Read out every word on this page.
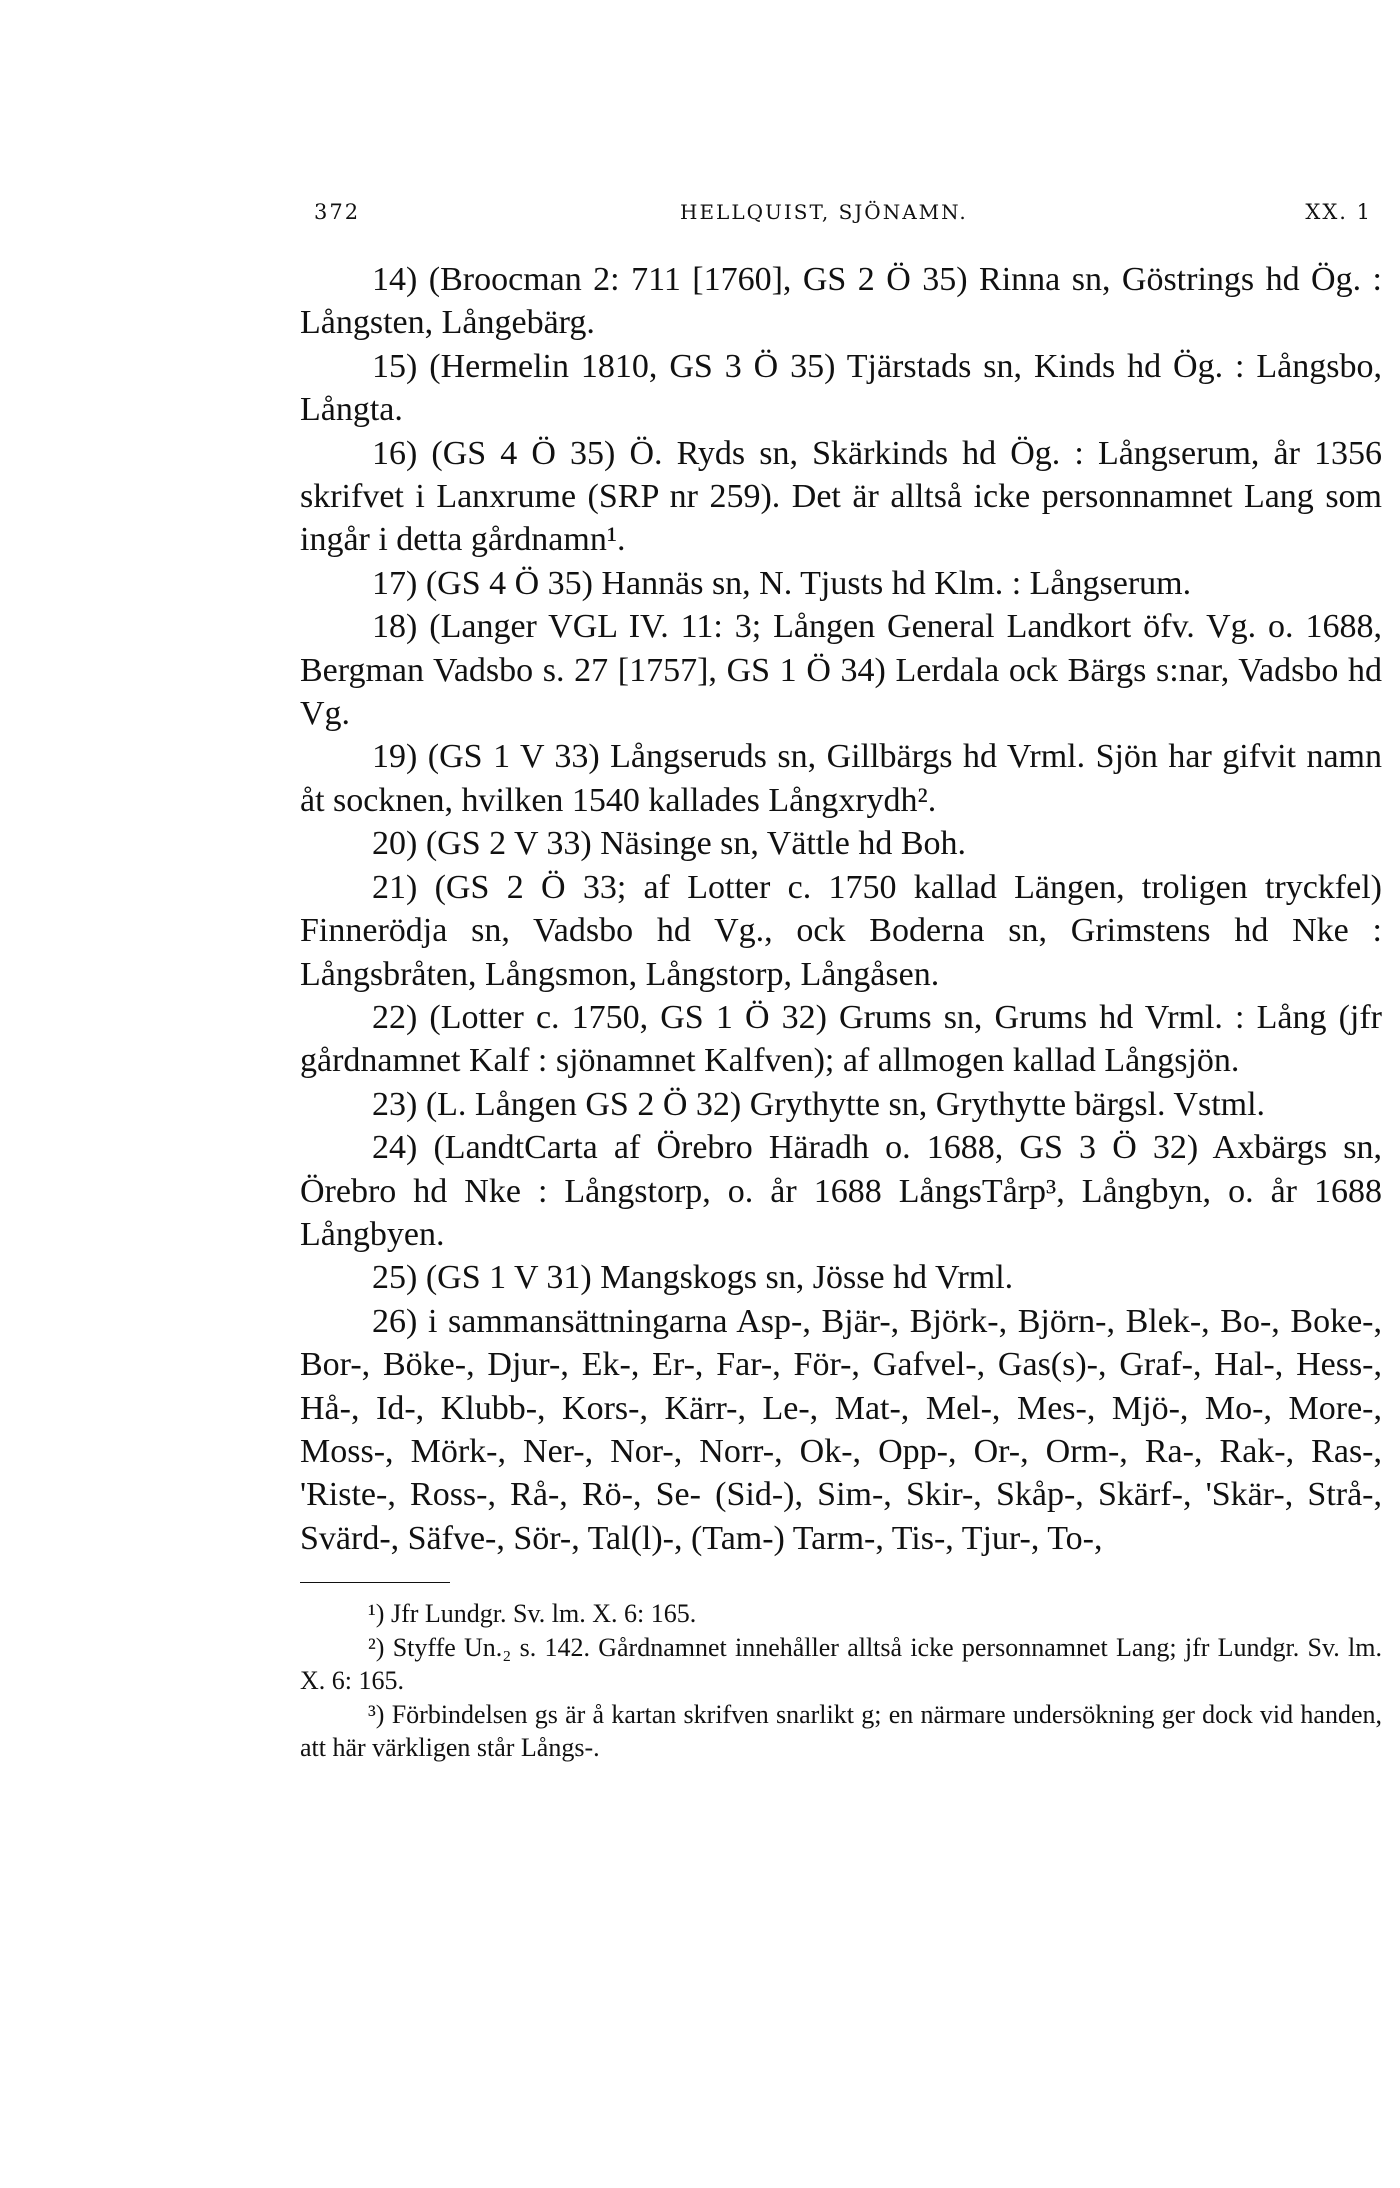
372	HELLQUIST, SJÖNAMN.	XX. 1

14) (Broocman 2: 711 [1760], GS 2 Ö 35) Rinna sn, Göstrings hd Ög. : Långsten, Långebärg.

15) (Hermelin 1810, GS 3 Ö 35) Tjärstads sn, Kinds hd Ög. : Långsbo, Långta.

16) (GS 4 Ö 35) Ö. Ryds sn, Skärkinds hd Ög. : Långserum, år 1356 skrifvet i Lanxrume (SRP nr 259). Det är alltså icke personnamnet Lang som ingår i detta gårdnamn¹.

17) (GS 4 Ö 35) Hannäs sn, N. Tjusts hd Klm. : Långserum.

18) (Langer VGL IV. 11: 3; Lången General Landkort öfv. Vg. o. 1688, Bergman Vadsbo s. 27 [1757], GS 1 Ö 34) Lerdala ock Bärgs s:nar, Vadsbo hd Vg.

19) (GS 1 V 33) Långseruds sn, Gillbärgs hd Vrml. Sjön har gifvit namn åt socknen, hvilken 1540 kallades Långxrydh².

20) (GS 2 V 33) Näsinge sn, Vättle hd Boh.

21) (GS 2 Ö 33; af Lotter c. 1750 kallad Längen, troligen tryckfel) Finnerödja sn, Vadsbo hd Vg., ock Boderna sn, Grimstens hd Nke : Långsbråten, Långsmon, Långstorp, Långåsen.

22) (Lotter c. 1750, GS 1 Ö 32) Grums sn, Grums hd Vrml. : Lång (jfr gårdnamnet Kalf : sjönamnet Kalfven); af allmogen kallad Långsjön.

23) (L. Lången GS 2 Ö 32) Grythytte sn, Grythytte bärgsl. Vstml.

24) (LandtCarta af Örebro Häradh o. 1688, GS 3 Ö 32) Axbärgs sn, Örebro hd Nke : Långstorp, o. år 1688 LångsTårp³, Långbyn, o. år 1688 Långbyen.

25) (GS 1 V 31) Mangskogs sn, Jösse hd Vrml.

26) i sammansättningarna Asp-, Bjär-, Björk-, Björn-, Blek-, Bo-, Boke-, Bor-, Böke-, Djur-, Ek-, Er-, Far-, För-, Gafvel-, Gas(s)-, Graf-, Hal-, Hess-, Hå-, Id-, Klubb-, Kors-, Kärr-, Le-, Mat-, Mel-, Mes-, Mjö-, Mo-, More-, Moss-, Mörk-, Ner-, Nor-, Norr-, Ok-, Opp-, Or-, Orm-, Ra-, Rak-, Ras-, 'Riste-, Ross-, Rå-, Rö-, Se- (Sid-), Sim-, Skir-, Skåp-, Skärf-, 'Skär-, Strå-, Svärd-, Säfve-, Sör-, Tal(l)-, (Tam-) Tarm-, Tis-, Tjur-, To-,

¹) Jfr Lundgr. Sv. lm. X. 6: 165.

²) Styffe Un.₂ s. 142. Gårdnamnet innehåller alltså icke personnamnet Lang; jfr Lundgr. Sv. lm. X. 6: 165.

³) Förbindelsen gs är å kartan skrifven snarlikt g; en närmare undersökning ger dock vid handen, att här värkligen står Långs-.
